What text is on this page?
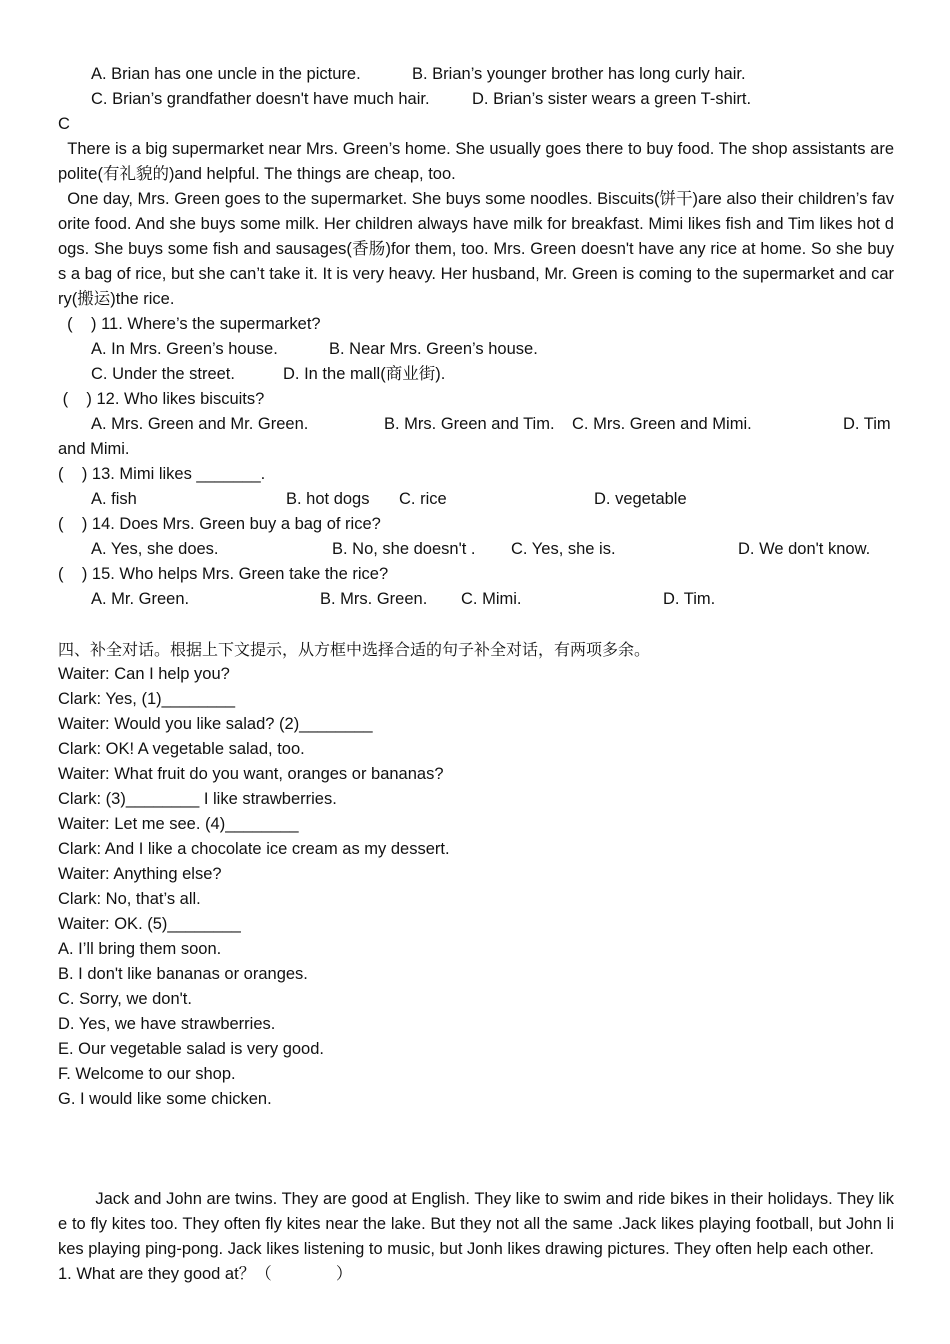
A. Brian has one uncle in the picture.	B. Brian’s younger brother has long curly hair.
C. Brian’s grandfather doesn't have much hair.	D. Brian’s sister wears a green T-shirt.
C
There is a big supermarket near Mrs. Green’s home. She usually goes there to buy food. The shop assistants are polite(有礼貌的)and helpful. The things are cheap, too.
One day, Mrs. Green goes to the supermarket. She buys some noodles. Biscuits(饼干)are also their children’s favorite food. And she buys some milk. Her children always have milk for breakfast. Mimi likes fish and Tim likes hot dogs. She buys some fish and sausages(香肠)for them, too. Mrs. Green doesn't have any rice at home. So she buys a bag of rice, but she can’t take it. It is very heavy. Her husband, Mr. Green is coming to the supermarket and carry(搬运)the rice.
(    ) 11. Where’s the supermarket?
A. In Mrs. Green’s house.	B. Near Mrs. Green’s house.
C. Under the street.	D. In the mall(商业街).
(    ) 12. Who likes biscuits?
A. Mrs. Green and Mr. Green.	B. Mrs. Green and Tim. C. Mrs. Green and Mimi.	D. Tim
and Mimi.
(    ) 13. Mimi likes _______.
A. fish	B. hot dogs C. rice	D. vegetable
(    ) 14. Does Mrs. Green buy a bag of rice?
A. Yes, she does.	B. No, she doesn't . C. Yes, she is.	D. We don't know.
(    ) 15. Who helps Mrs. Green take the rice?
A. Mr. Green.	B. Mrs. Green. C. Mimi.	D. Tim.
四、补全对话。根据上下文提示，从方框中选择合适的句子补全对话，有两项多余。
Waiter: Can I help you?
Clark: Yes, (1)________
Waiter: Would you like salad? (2)________
Clark: OK! A vegetable salad, too.
Waiter: What fruit do you want, oranges or bananas?
Clark: (3)________ I like strawberries.
Waiter: Let me see. (4)________
Clark: And I like a chocolate ice cream as my dessert.
Waiter: Anything else?
Clark: No, that’s all.
Waiter: OK. (5)________
A. I’ll bring them soon.
B. I don't like bananas or oranges.
C. Sorry, we don't.
D. Yes, we have strawberries.
E. Our vegetable salad is very good.
F. Welcome to our shop.
G. I would like some chicken.
Jack and John are twins. They are good at English. They like to swim and ride bikes in their holidays. They like to fly kites too. They often fly kites near the lake. But they not all the same .Jack likes playing football, but John likes playing ping-pong. Jack likes listening to music, but Jonh likes drawing pictures. They often help each other.
1. What are they good at？（              ）
